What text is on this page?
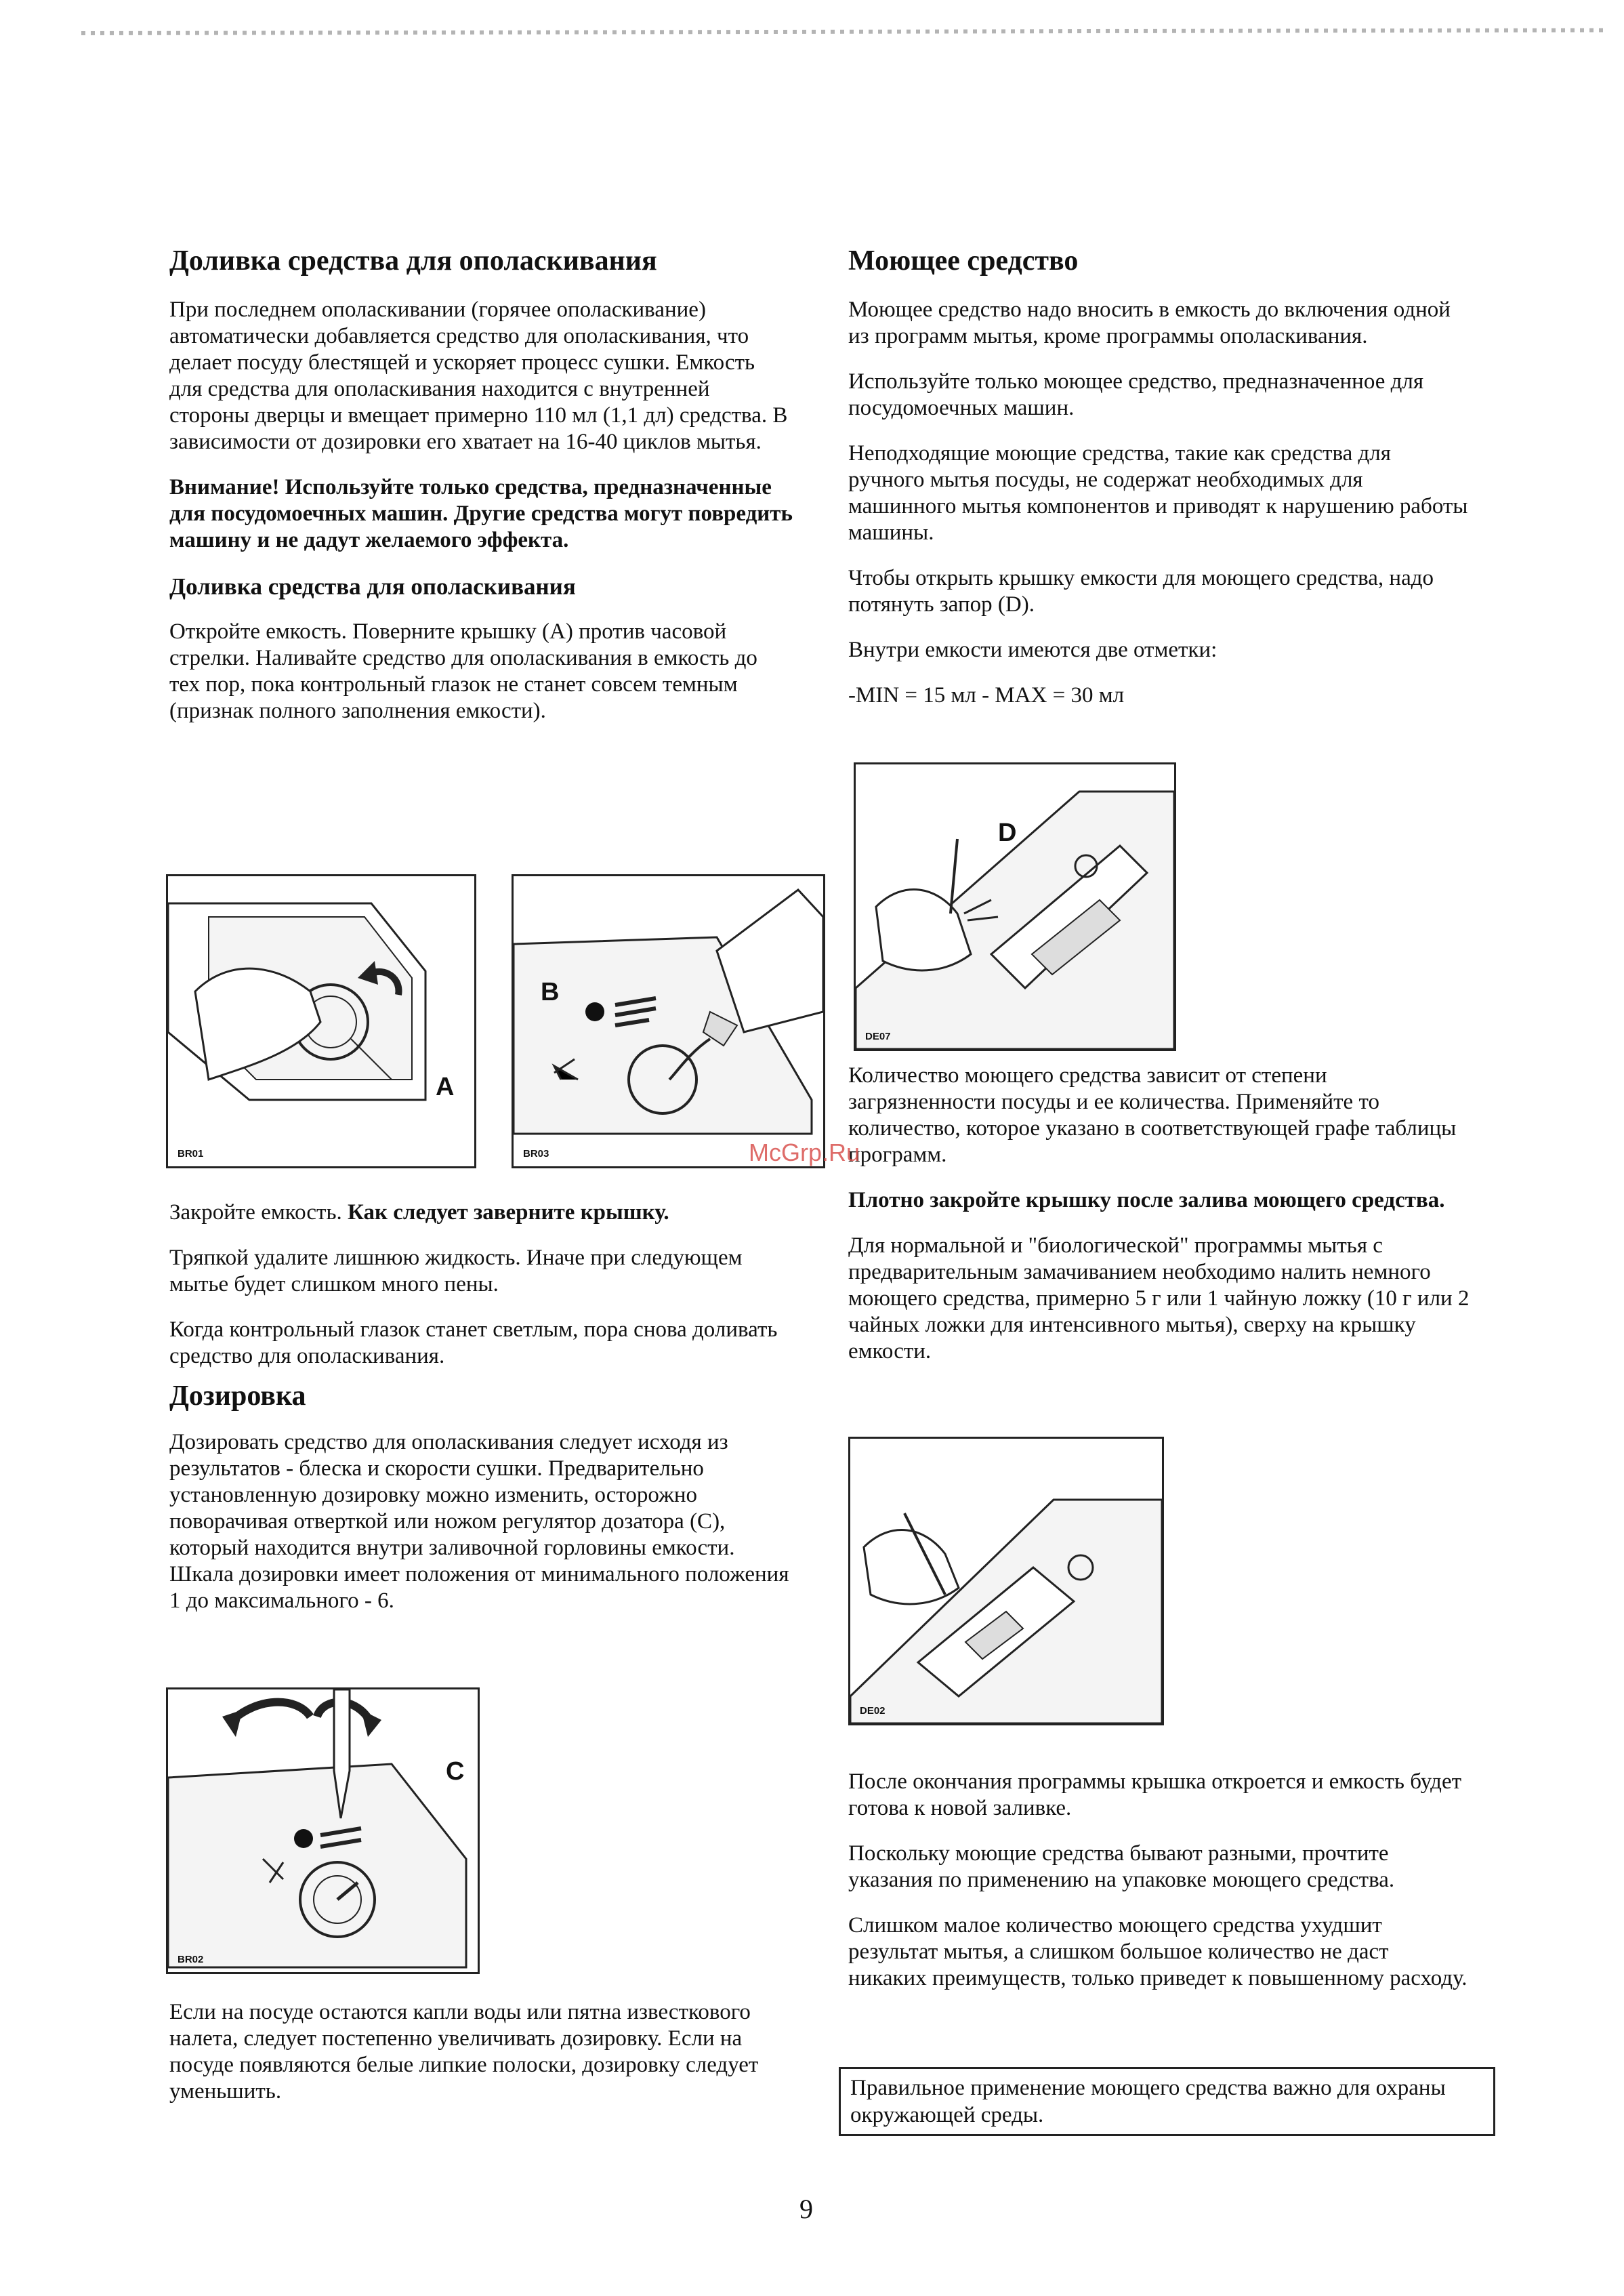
Доливка средства для ополаскивания

При последнем ополаскивании (горячее ополаскивание) автоматически добавляется средство для ополаскивания, что делает посуду блестящей и ускоряет процесс сушки. Емкость для средства для ополаскивания находится с внутренней стороны дверцы и вмещает примерно 110 мл (1,1 дл) средства. В зависимости от дозировки его хватает на 16-40 циклов мытья.

Внимание! Используйте только средства, предназначенные для посудомоечных машин. Другие средства могут повредить машину и не дадут желаемого эффекта.

Доливка средства для ополаскивания

Откройте емкость. Поверните крышку (A) против часовой стрелки. Наливайте средство для ополаскивания в емкость до тех пор, пока контрольный глазок не станет совсем темным (признак полного заполнения емкости).

Закройте емкость. Как следует заверните крышку.

Тряпкой удалите лишнюю жидкость. Иначе при следующем мытье будет слишком много пены.

Когда контрольный глазок станет светлым, пора снова доливать средство для ополаскивания.

Дозировка

Дозировать средство для ополаскивания следует исходя из результатов - блеска и скорости сушки. Предварительно установленную дозировку можно изменить, осторожно поворачивая отверткой или ножом регулятор дозатора (C), который находится внутри заливочной горловины емкости. Шкала дозировки имеет положения от минимального положения 1 до максимального - 6.

Если на посуде остаются капли воды или пятна известкового налета, следует постепенно увеличивать дозировку. Если на посуде появляются белые липкие полоски, дозировку следует уменьшить.

Моющее средство

Моющее средство надо вносить в емкость до включения одной из программ мытья, кроме программы ополаскивания.

Используйте только моющее средство, предназначенное для посудомоечных машин.

Неподходящие моющие средства, такие как средства для ручного мытья посуды, не содержат необходимых для машинного мытья компонентов и приводят к нарушению работы машины.

Чтобы открыть крышку емкости для моющего средства, надо потянуть запор (D).

Внутри емкости имеются две отметки:

-MIN = 15 мл - MAX = 30 мл

Количество моющего средства зависит от степени загрязненности посуды и ее количества. Применяйте то количество, которое указано в соответствующей графе таблицы программ.

Плотно закройте крышку после залива моющего средства.

Для нормальной и "биологической" программы мытья с предварительным замачиванием необходимо налить немного моющего средства, примерно 5 г или 1 чайную ложку (10 г или 2 чайных ложки для интенсивного мытья), сверху на крышку емкости.

После окончания программы крышка откроется и емкость будет готова к новой заливке.

Поскольку моющие средства бывают разными, прочтите указания по применению на упаковке моющего средства.

Слишком малое количество моющего средства ухудшит результат мытья, а слишком большое количество не даст никаких преимуществ, только приведет к повышенному расходу.

Правильное применение моющего средства важно для охраны окружающей среды.
A
BR01
B
BR03
C
BR02
D
DE07
DE02
McGrp.Ru
9
